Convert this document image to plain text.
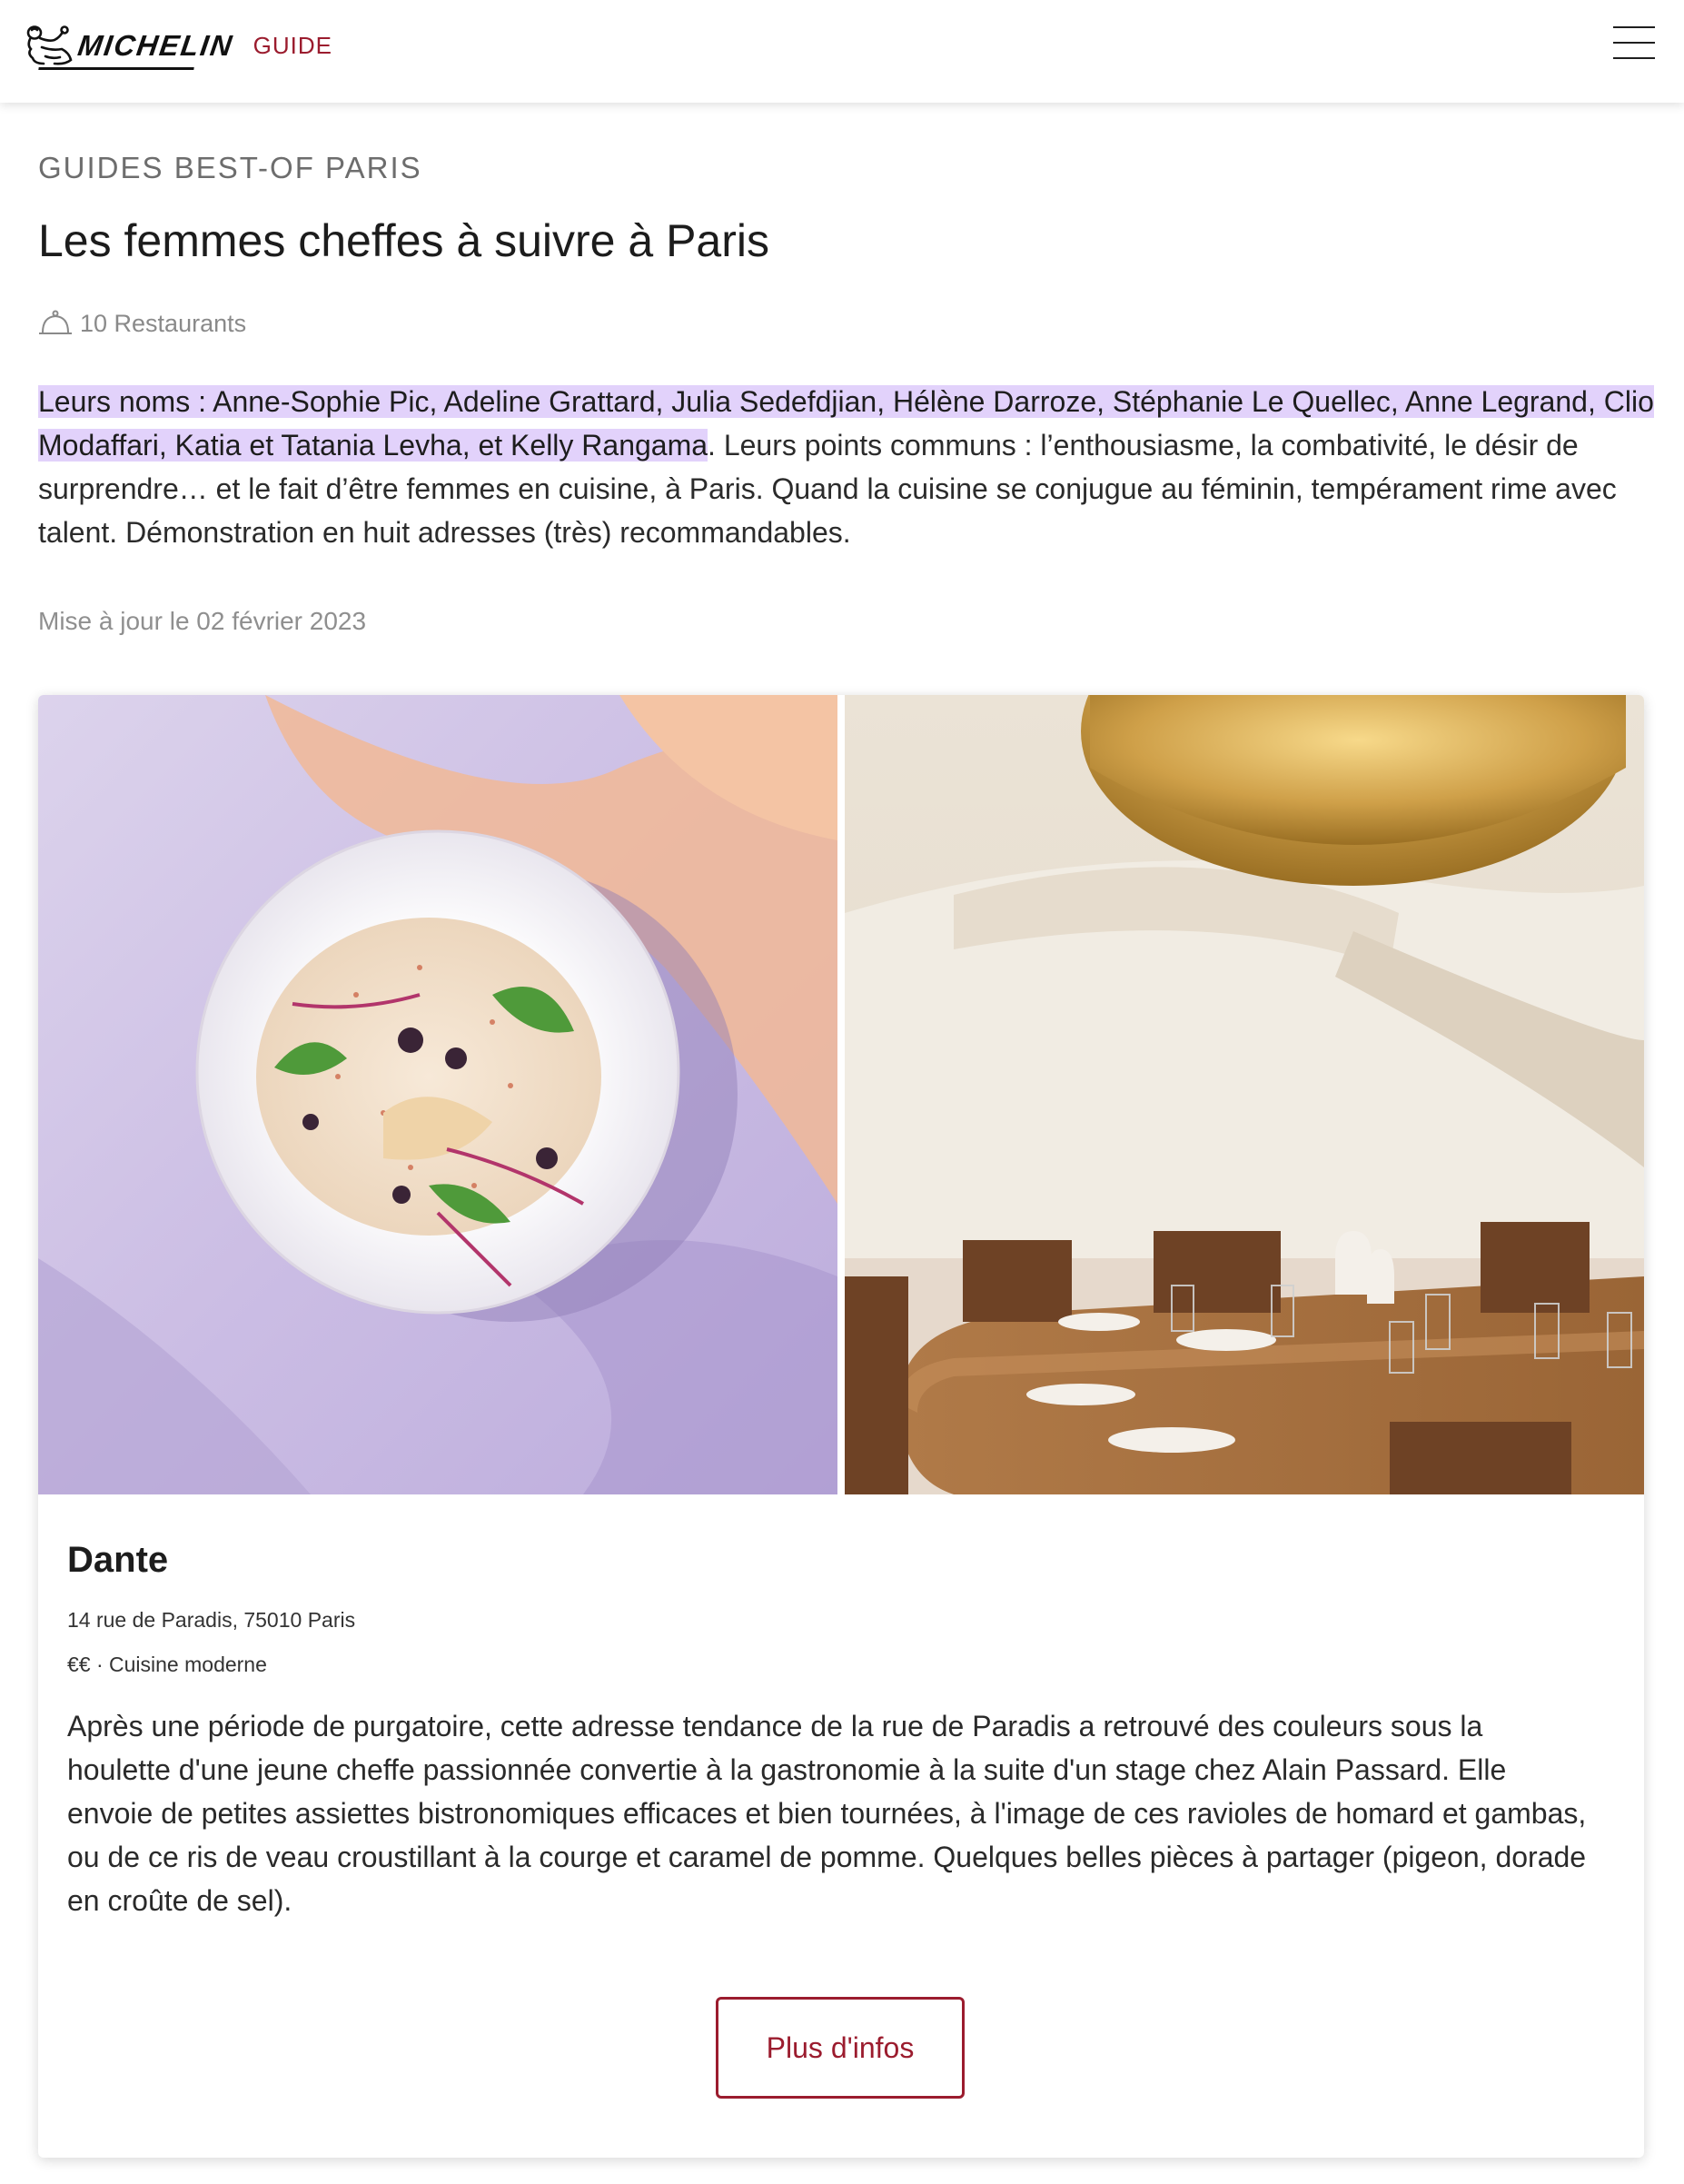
MICHELIN GUIDE
GUIDES BEST-OF PARIS
Les femmes cheffes à suivre à Paris
10 Restaurants

Leurs noms : Anne-Sophie Pic, Adeline Grattard, Julia Sedefdjian, Hélène Darroze, Stéphanie Le Quellec, Anne Legrand, Clio Modaffari, Katia et Tatania Levha, et Kelly Rangama. Leurs points communs : l’enthousiasme, la combativité, le désir de surprendre… et le fait d’être femmes en cuisine, à Paris. Quand la cuisine se conjugue au féminin, tempérament rime avec talent. Démonstration en huit adresses (très) recommandables.

Mise à jour le 02 février 2023
Dante
14 rue de Paradis, 75010 Paris
€€ · Cuisine moderne

Après une période de purgatoire, cette adresse tendance de la rue de Paradis a retrouvé des couleurs sous la houlette d'une jeune cheffe passionnée convertie à la gastronomie à la suite d'un stage chez Alain Passard. Elle envoie de petites assiettes bistronomiques efficaces et bien tournées, à l'image de ces ravioles de homard et gambas, ou de ce ris de veau croustillant à la courge et caramel de pomme. Quelques belles pièces à partager (pigeon, dorade en croûte de sel).

Plus d'infos
